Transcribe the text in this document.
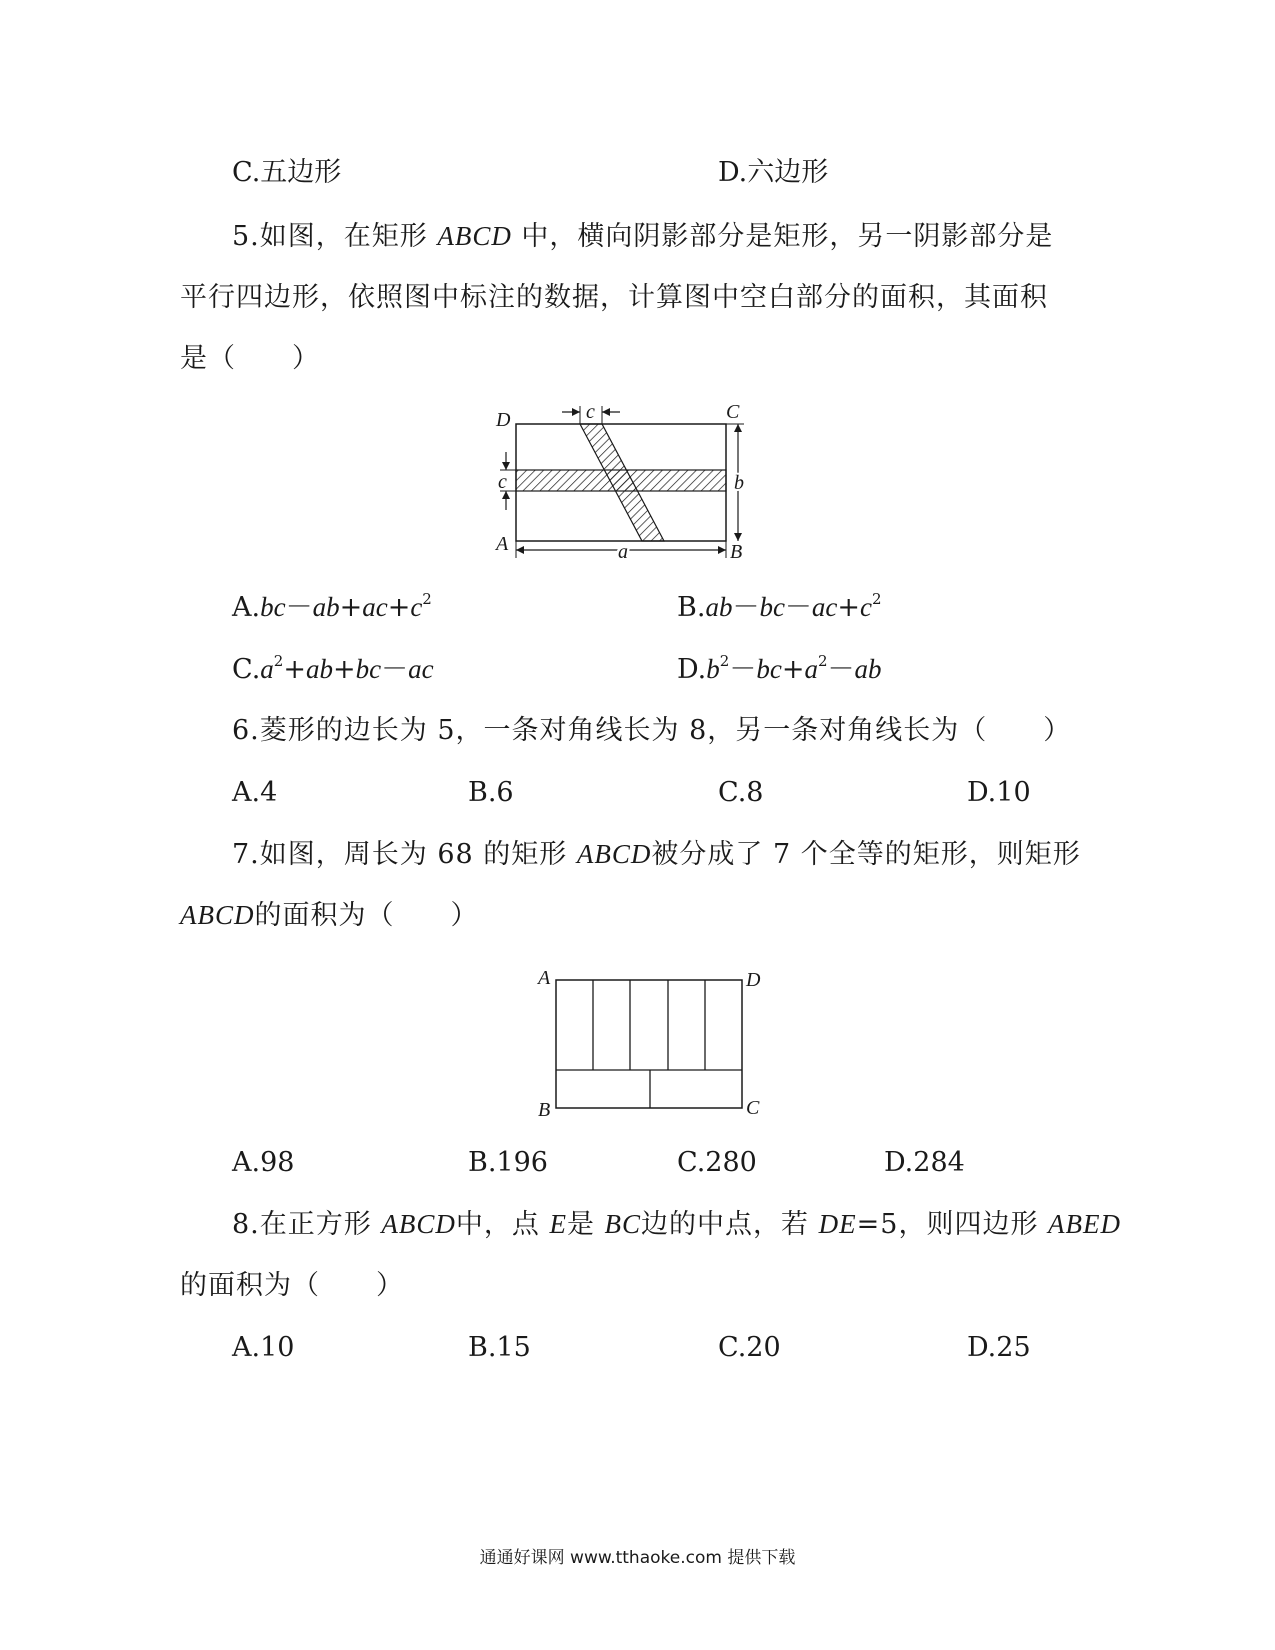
C.五边形	D.六边形
5.如图，在矩形 ABCD 中，横向阴影部分是矩形，另一阴影部分是
平行四边形，依照图中标注的数据，计算图中空白部分的面积，其面积
是（　　）
D	C
A	B
c
c	b
a
$A.bc-ab+ac+c^2$	$B.ab-bc-ac+c^2$
$C.a^2+ab+bc-ac$	$D.b^2-bc+a^2-ab$
6.菱形的边长为 5，一条对角线长为 8，另一条对角线长为（　　）
A.4	B.6	C.8	D.10
7.如图，周长为 68 的矩形 ABCD被分成了 7 个全等的矩形，则矩形
ABCD的面积为（　　）
A	D
B	C
A.98	B.196	C.280	D.284
8.在正方形 ABCD中，点 E是 BC边的中点，若 DE=5，则四边形 ABED
的面积为（　　）
A.10	B.15	C.20	D.25
通通好课网 www.tthaoke.com 提供下载
